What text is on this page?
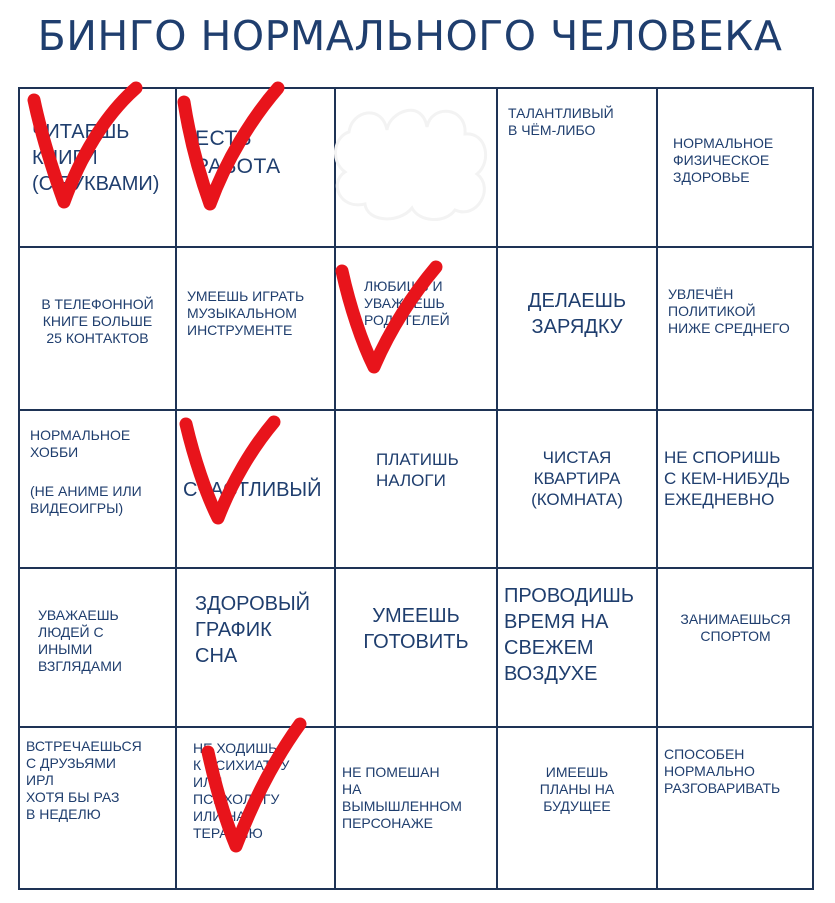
БИНГО НОРМАЛЬНОГО ЧЕЛОВЕКА
ЧИТАЕШЬ
КНИГИ
(С БУКВАМИ)
ЕСТЬ
РАБОТА
ТАЛАНТЛИВЫЙ
В ЧЁМ-ЛИБО
НОРМАЛЬНОЕ
ФИЗИЧЕСКОЕ
ЗДОРОВЬЕ
В ТЕЛЕФОННОЙ
КНИГЕ БОЛЬШЕ
25 КОНТАКТОВ
УМЕЕШЬ ИГРАТЬ
МУЗЫКАЛЬНОМ
ИНСТРУМЕНТЕ
ЛЮБИШЬ И
УВАЖАЕШЬ
РОДИТЕЛЕЙ
ДЕЛАЕШЬ
ЗАРЯДКУ
УВЛЕЧЁН
ПОЛИТИКОЙ
НИЖЕ СРЕДНЕГО
НОРМАЛЬНОЕ
ХОББИ
(НЕ АНИМЕ ИЛИ
ВИДЕОИГРЫ)
СЧАСТЛИВЫЙ
ПЛАТИШЬ
НАЛОГИ
ЧИСТАЯ
КВАРТИРА
(КОМНАТА)
НЕ СПОРИШЬ
С КЕМ-НИБУДЬ
ЕЖЕДНЕВНО
УВАЖАЕШЬ
ЛЮДЕЙ С
ИНЫМИ
ВЗГЛЯДАМИ
ЗДОРОВЫЙ
ГРАФИК
СНА
УМЕЕШЬ
ГОТОВИТЬ
ПРОВОДИШЬ
ВРЕМЯ НА
СВЕЖЕМ
ВОЗДУХЕ
ЗАНИМАЕШЬСЯ
СПОРТОМ
ВСТРЕЧАЕШЬСЯ
С ДРУЗЬЯМИ
ИРЛ
ХОТЯ БЫ РАЗ
В НЕДЕЛЮ
НЕ ХОДИШЬ
К ПСИХИАТРУ
ИЛИ
ПСИХОЛОГУ
ИЛИ НА
ТЕРАПИЮ
НЕ ПОМЕШАН
НА
ВЫМЫШЛЕННОМ
ПЕРСОНАЖЕ
ИМЕЕШЬ
ПЛАНЫ НА
БУДУЩЕЕ
СПОСОБЕН
НОРМАЛЬНО
РАЗГОВАРИВАТЬ
